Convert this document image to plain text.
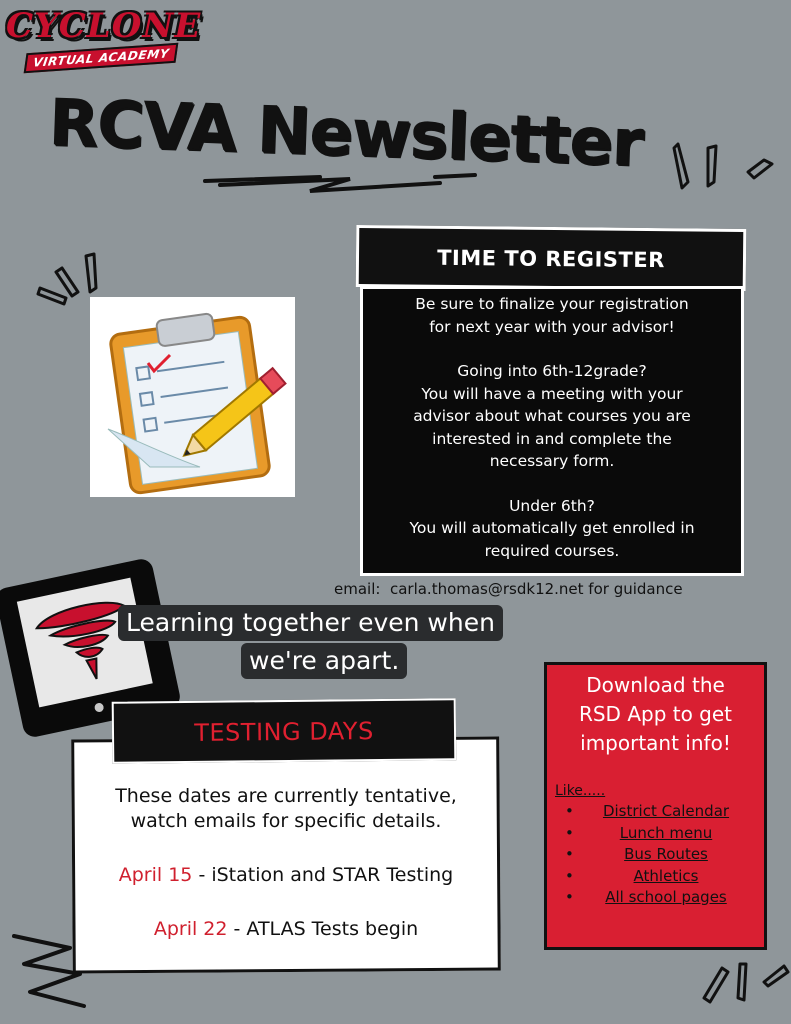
CYCLONE
VIRTUAL ACADEMY
RCVA Newsletter
TIME TO REGISTER

Be sure to finalize your registration
for next year with your advisor!

Going into 6th-12grade?
You will have a meeting with your
advisor about what courses you are
interested in and complete the
necessary form.

Under 6th?
You will automatically get enrolled in
required courses.

email:  carla.thomas@rsdk12.net for guidance
Learning together even when
we're apart.
TESTING DAYS
These dates are currently tentative,
watch emails for specific details.
April 15 - iStation and STAR Testing
April 22 - ATLAS Tests begin
Download the
RSD App to get
important info!
Like.....
• District Calendar
• Lunch menu
• Bus Routes
• Athletics
• All school pages
